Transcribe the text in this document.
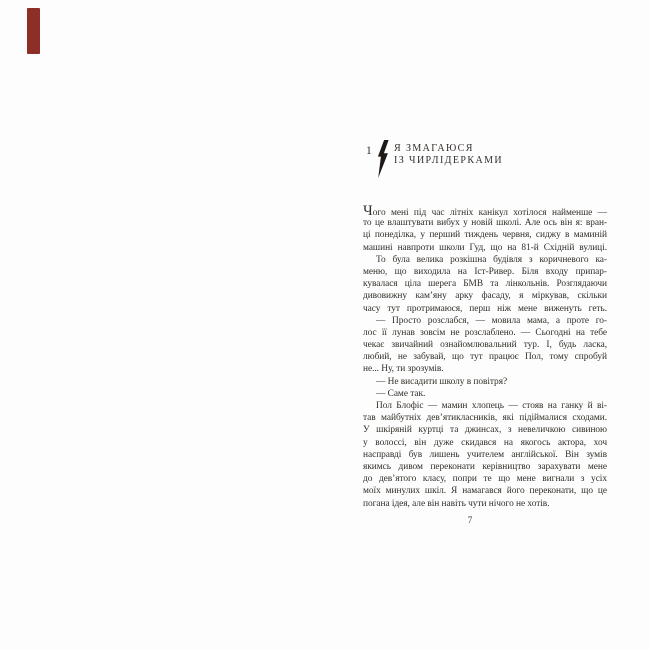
1 Я ЗМАГАЮСЯ
ІЗ ЧИРЛІДЕРКАМИ
Чого мені під час літніх канікул хотілося найменше —
то це влаштувати вибух у новій школі. Але ось він я: вран-
ці понеділка, у перший тиждень червня, сиджу в маминій
машині навпроти школи Гуд, що на 81-й Східній вулиці.
То була велика розкішна будівля з коричневого ка-
меню, що виходила на Іст-Ривер. Біля входу припар-
кувалася ціла шерега БМВ та лінкольнів. Розглядаючи
дивовижну кам’яну арку фасаду, я міркував, скільки
часу тут протримаюся, перш ніж мене виженуть геть.
— Просто розслабся, — мовила мама, а проте го-
лос її лунав зовсім не розслаблено. — Сьогодні на тебе
чекає звичайний ознайомлювальний тур. І, будь ласка,
любий, не забувай, що тут працює Пол, тому спробуй
не... Ну, ти зрозумів.
— Не висадити школу в повітря?
— Саме так.
Пол Блофіс — мамин хлопець — стояв на ганку й ві-
тав майбутніх дев’ятикласників, які підіймалися сходами.
У шкіряній куртці та джинсах, з невеличкою сивиною
у волоссі, він дуже скидався на якогось актора, хоч
насправді був лишень учителем англійської. Він зумів
якимсь дивом переконати керівництво зарахувати мене
до дев’ятого класу, попри те що мене вигнали з усіх
моїх минулих шкіл. Я намагався його переконати, що це
погана ідея, але він навіть чути нічого не хотів.
7
